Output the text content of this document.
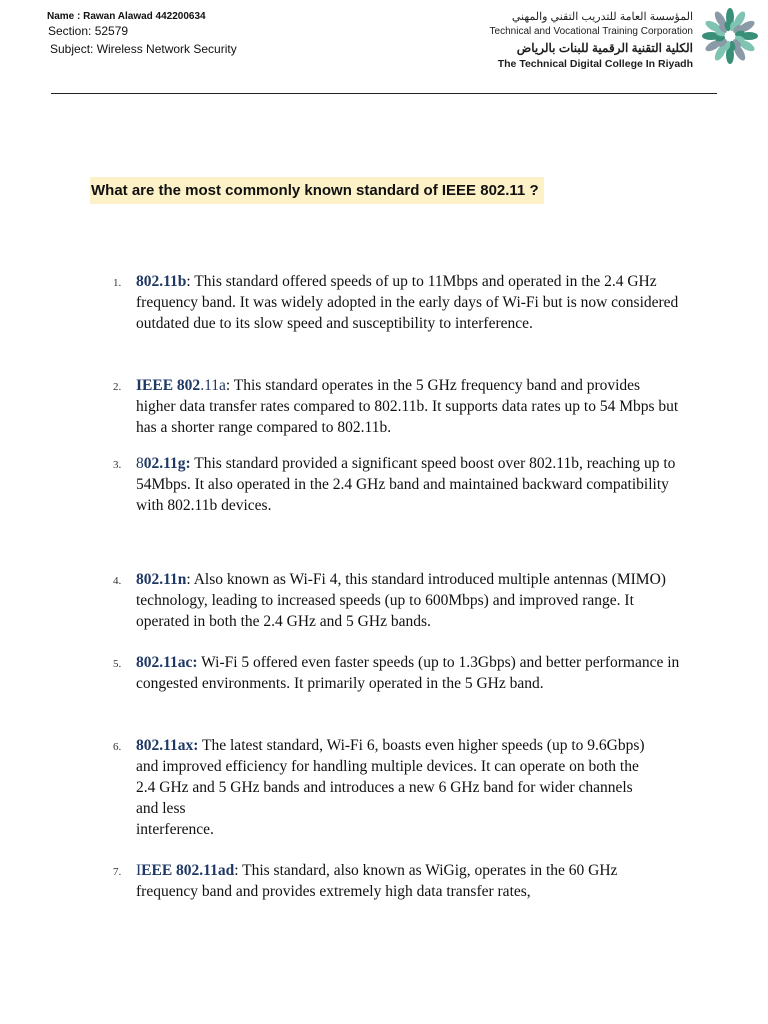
Name : Rawan Alawad 442200634
Section: 52579
Subject: Wireless Network Security
المؤسسة العامة للتدريب التقني والمهني
Technical and Vocational Training Corporation
الكلية التقنية الرقمية للبنات بالرياض
The Technical Digital College In Riyadh
What are the most commonly known standard of IEEE 802.11 ?
1. 802.11b: This standard offered speeds of up to 11Mbps and operated in the 2.4 GHz frequency band. It was widely adopted in the early days of Wi-Fi but is now considered outdated due to its slow speed and susceptibility to interference.
2. IEEE 802.11a: This standard operates in the 5 GHz frequency band and provides higher data transfer rates compared to 802.11b. It supports data rates up to 54 Mbps but has a shorter range compared to 802.11b.
3. 802.11g: This standard provided a significant speed boost over 802.11b, reaching up to 54Mbps. It also operated in the 2.4 GHz band and maintained backward compatibility with 802.11b devices.
4. 802.11n: Also known as Wi-Fi 4, this standard introduced multiple antennas (MIMO) technology, leading to increased speeds (up to 600Mbps) and improved range. It operated in both the 2.4 GHz and 5 GHz bands.
5. 802.11ac: Wi-Fi 5 offered even faster speeds (up to 1.3Gbps) and better performance in congested environments. It primarily operated in the 5 GHz band.
6. 802.11ax: The latest standard, Wi-Fi 6, boasts even higher speeds (up to 9.6Gbps) and improved efficiency for handling multiple devices. It can operate on both the 2.4 GHz and 5 GHz bands and introduces a new 6 GHz band for wider channels and less
interference.
7. IEEE 802.11ad: This standard, also known as WiGig, operates in the 60 GHz frequency band and provides extremely high data transfer rates,
